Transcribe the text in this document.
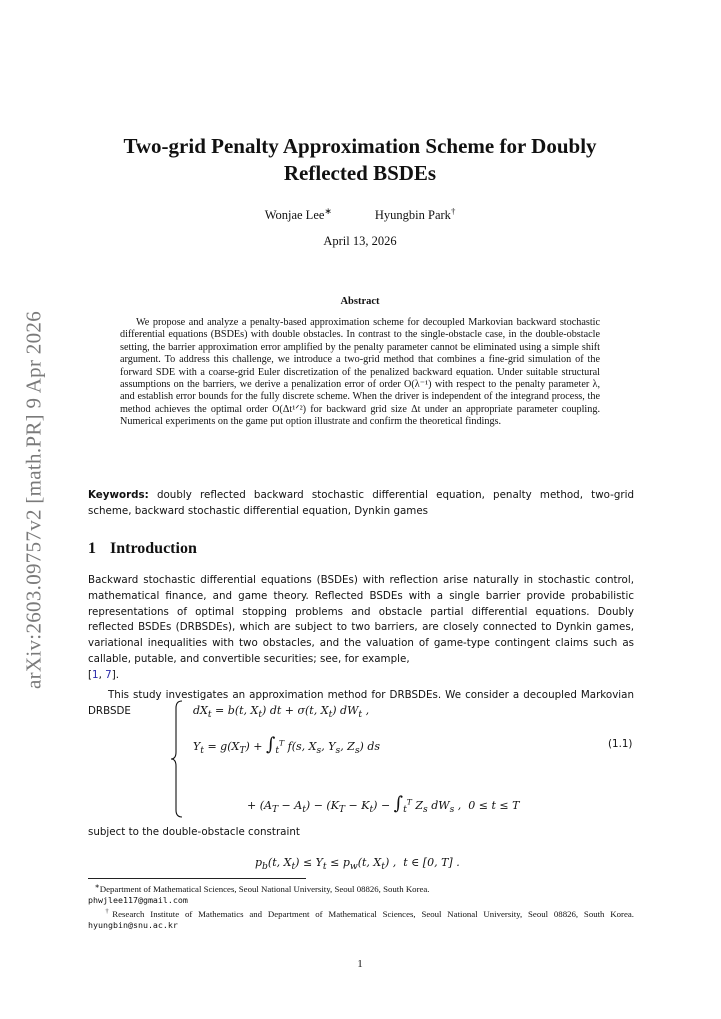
arXiv:2603.09757v2 [math.PR] 9 Apr 2026
Two-grid Penalty Approximation Scheme for Doubly
Reflected BSDEs
Wonjae Lee∗	Hyungbin Park†
April 13, 2026
Abstract
We propose and analyze a penalty-based approximation scheme for decoupled Markovian backward stochastic differential equations (BSDEs) with double obstacles. In contrast to the single-obstacle case, in the double-obstacle setting, the barrier approximation error amplified by the penalty parameter cannot be eliminated using a simple shift argument. To address this challenge, we introduce a two-grid method that combines a fine-grid simulation of the forward SDE with a coarse-grid Euler discretization of the penalized backward equation. Under suitable structural assumptions on the barriers, we derive a penalization error of order O(λ⁻¹) with respect to the penalty parameter λ, and establish error bounds for the fully discrete scheme. When the driver is independent of the integrand process, the method achieves the optimal order O(Δt¹ᐟ²) for backward grid size Δt under an appropriate parameter coupling. Numerical experiments on the game put option illustrate and confirm the theoretical findings.
Keywords: doubly reflected backward stochastic differential equation, penalty method, two-grid scheme, backward stochastic differential equation, Dynkin games
1 Introduction
Backward stochastic differential equations (BSDEs) with reflection arise naturally in stochastic control, mathematical finance, and game theory. Reflected BSDEs with a single barrier provide probabilistic representations of optimal stopping problems and obstacle partial differential equations. Doubly reflected BSDEs (DRBSDEs), which are subject to two barriers, are closely connected to Dynkin games, variational inequalities with two obstacles, and the valuation of game-type contingent claims such as callable, putable, and convertible securities; see, for example,
[1, 7].
This study investigates an approximation method for DRBSDEs. We consider a decoupled Markovian DRBSDE	$dX_t = b(t$, $X_t$) dt + σ(t, $X_t$) $dW_t$ ,
$Y_t = g(X_T) + \int_t^T$ f(s, $X_s$, $Y_s$, $Z_s$) ds
+ $(A_T - A_t) - (K_T - K_t) - \int_t^T$ $Z_s$ $dW_s$ ,  0 ≤ t ≤ T
(1.1)
subject to the double-obstacle constraint
$p_b(t$, $X_t) \le Y_t \le p_w(t$, $X_t$) ,  t ∈ [0, T] .
∗Department of Mathematical Sciences, Seoul National University, Seoul 08826, South Korea.
phwjlee117@gmail.com
†Research Institute of Mathematics and Department of Mathematical Sciences, Seoul National University, Seoul 08826, South Korea. hyungbin@snu.ac.kr
1
